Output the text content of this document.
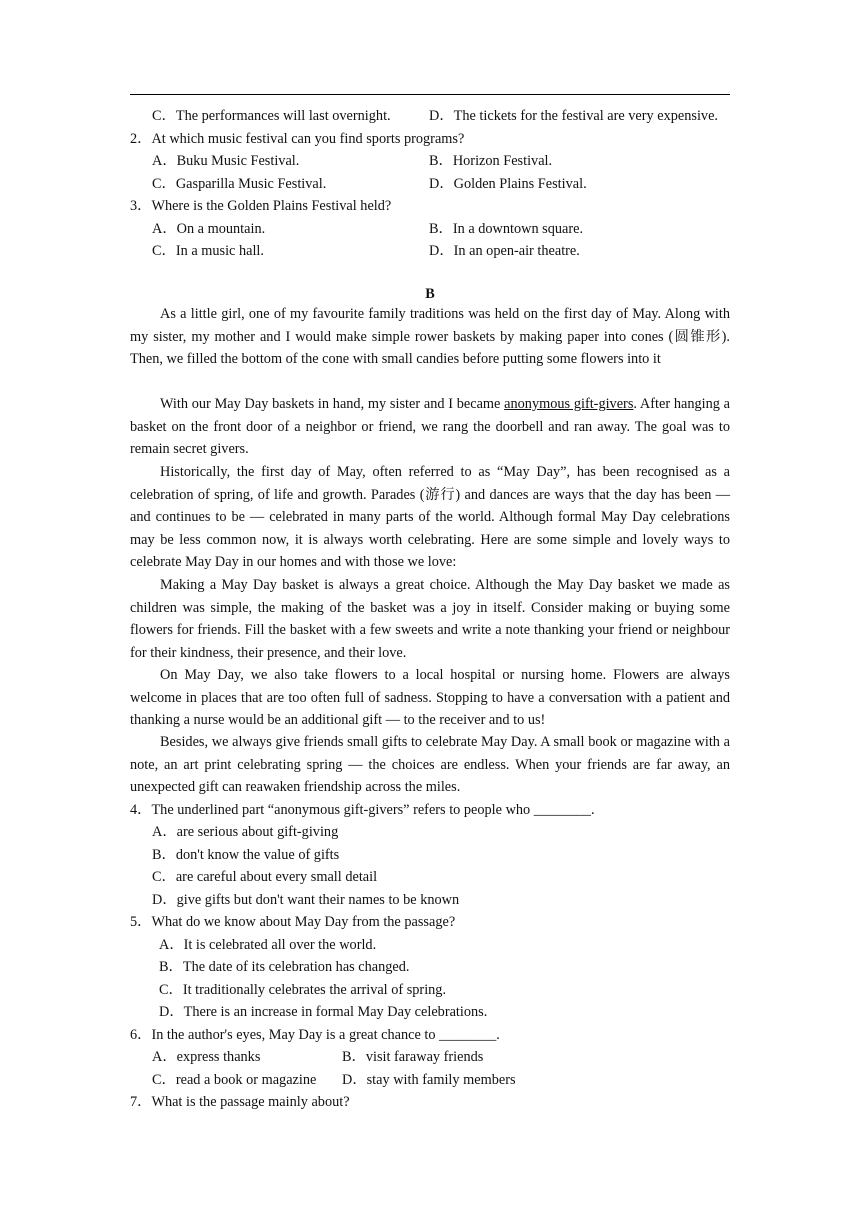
C．The performances will last overnight.	D．The tickets for the festival are very expensive.
2．At which music festival can you find sports programs?
A．Buku Music Festival.	B．Horizon Festival.
C．Gasparilla Music Festival.	D．Golden Plains Festival.
3．Where is the Golden Plains Festival held?
A．On a mountain.	B．In a downtown square.
C．In a music hall.	D．In an open-air theatre.
B
As a little girl, one of my favourite family traditions was held on the first day of May. Along with my sister, my mother and I would make simple rower baskets by making paper into cones (圆锥形). Then, we filled the bottom of the cone with small candies before putting some flowers into it
With our May Day baskets in hand, my sister and I became anonymous gift-givers. After hanging a basket on the front door of a neighbor or friend, we rang the doorbell and ran away. The goal was to remain secret givers.
Historically, the first day of May, often referred to as “May Day”, has been recognised as a celebration of spring, of life and growth. Parades (游行) and dances are ways that the day has been — and continues to be — celebrated in many parts of the world. Although formal May Day celebrations may be less common now, it is always worth celebrating. Here are some simple and lovely ways to celebrate May Day in our homes and with those we love:
Making a May Day basket is always a great choice. Although the May Day basket we made as children was simple, the making of the basket was a joy in itself. Consider making or buying some flowers for friends. Fill the basket with a few sweets and write a note thanking your friend or neighbour for their kindness, their presence, and their love.
On May Day, we also take flowers to a local hospital or nursing home. Flowers are always welcome in places that are too often full of sadness. Stopping to have a conversation with a patient and thanking a nurse would be an additional gift — to the receiver and to us!
Besides, we always give friends small gifts to celebrate May Day. A small book or magazine with a note, an art print celebrating spring — the choices are endless. When your friends are far away, an unexpected gift can reawaken friendship across the miles.
4．The underlined part “anonymous gift-givers” refers to people who ________.
A．are serious about gift-giving
B．don't know the value of gifts
C．are careful about every small detail
D．give gifts but don't want their names to be known
5．What do we know about May Day from the passage?
A．It is celebrated all over the world.
B．The date of its celebration has changed.
C．It traditionally celebrates the arrival of spring.
D．There is an increase in formal May Day celebrations.
6．In the author's eyes, May Day is a great chance to ________.
A．express thanks	B．visit faraway friends
C．read a book or magazine	D．stay with family members
7．What is the passage mainly about?
